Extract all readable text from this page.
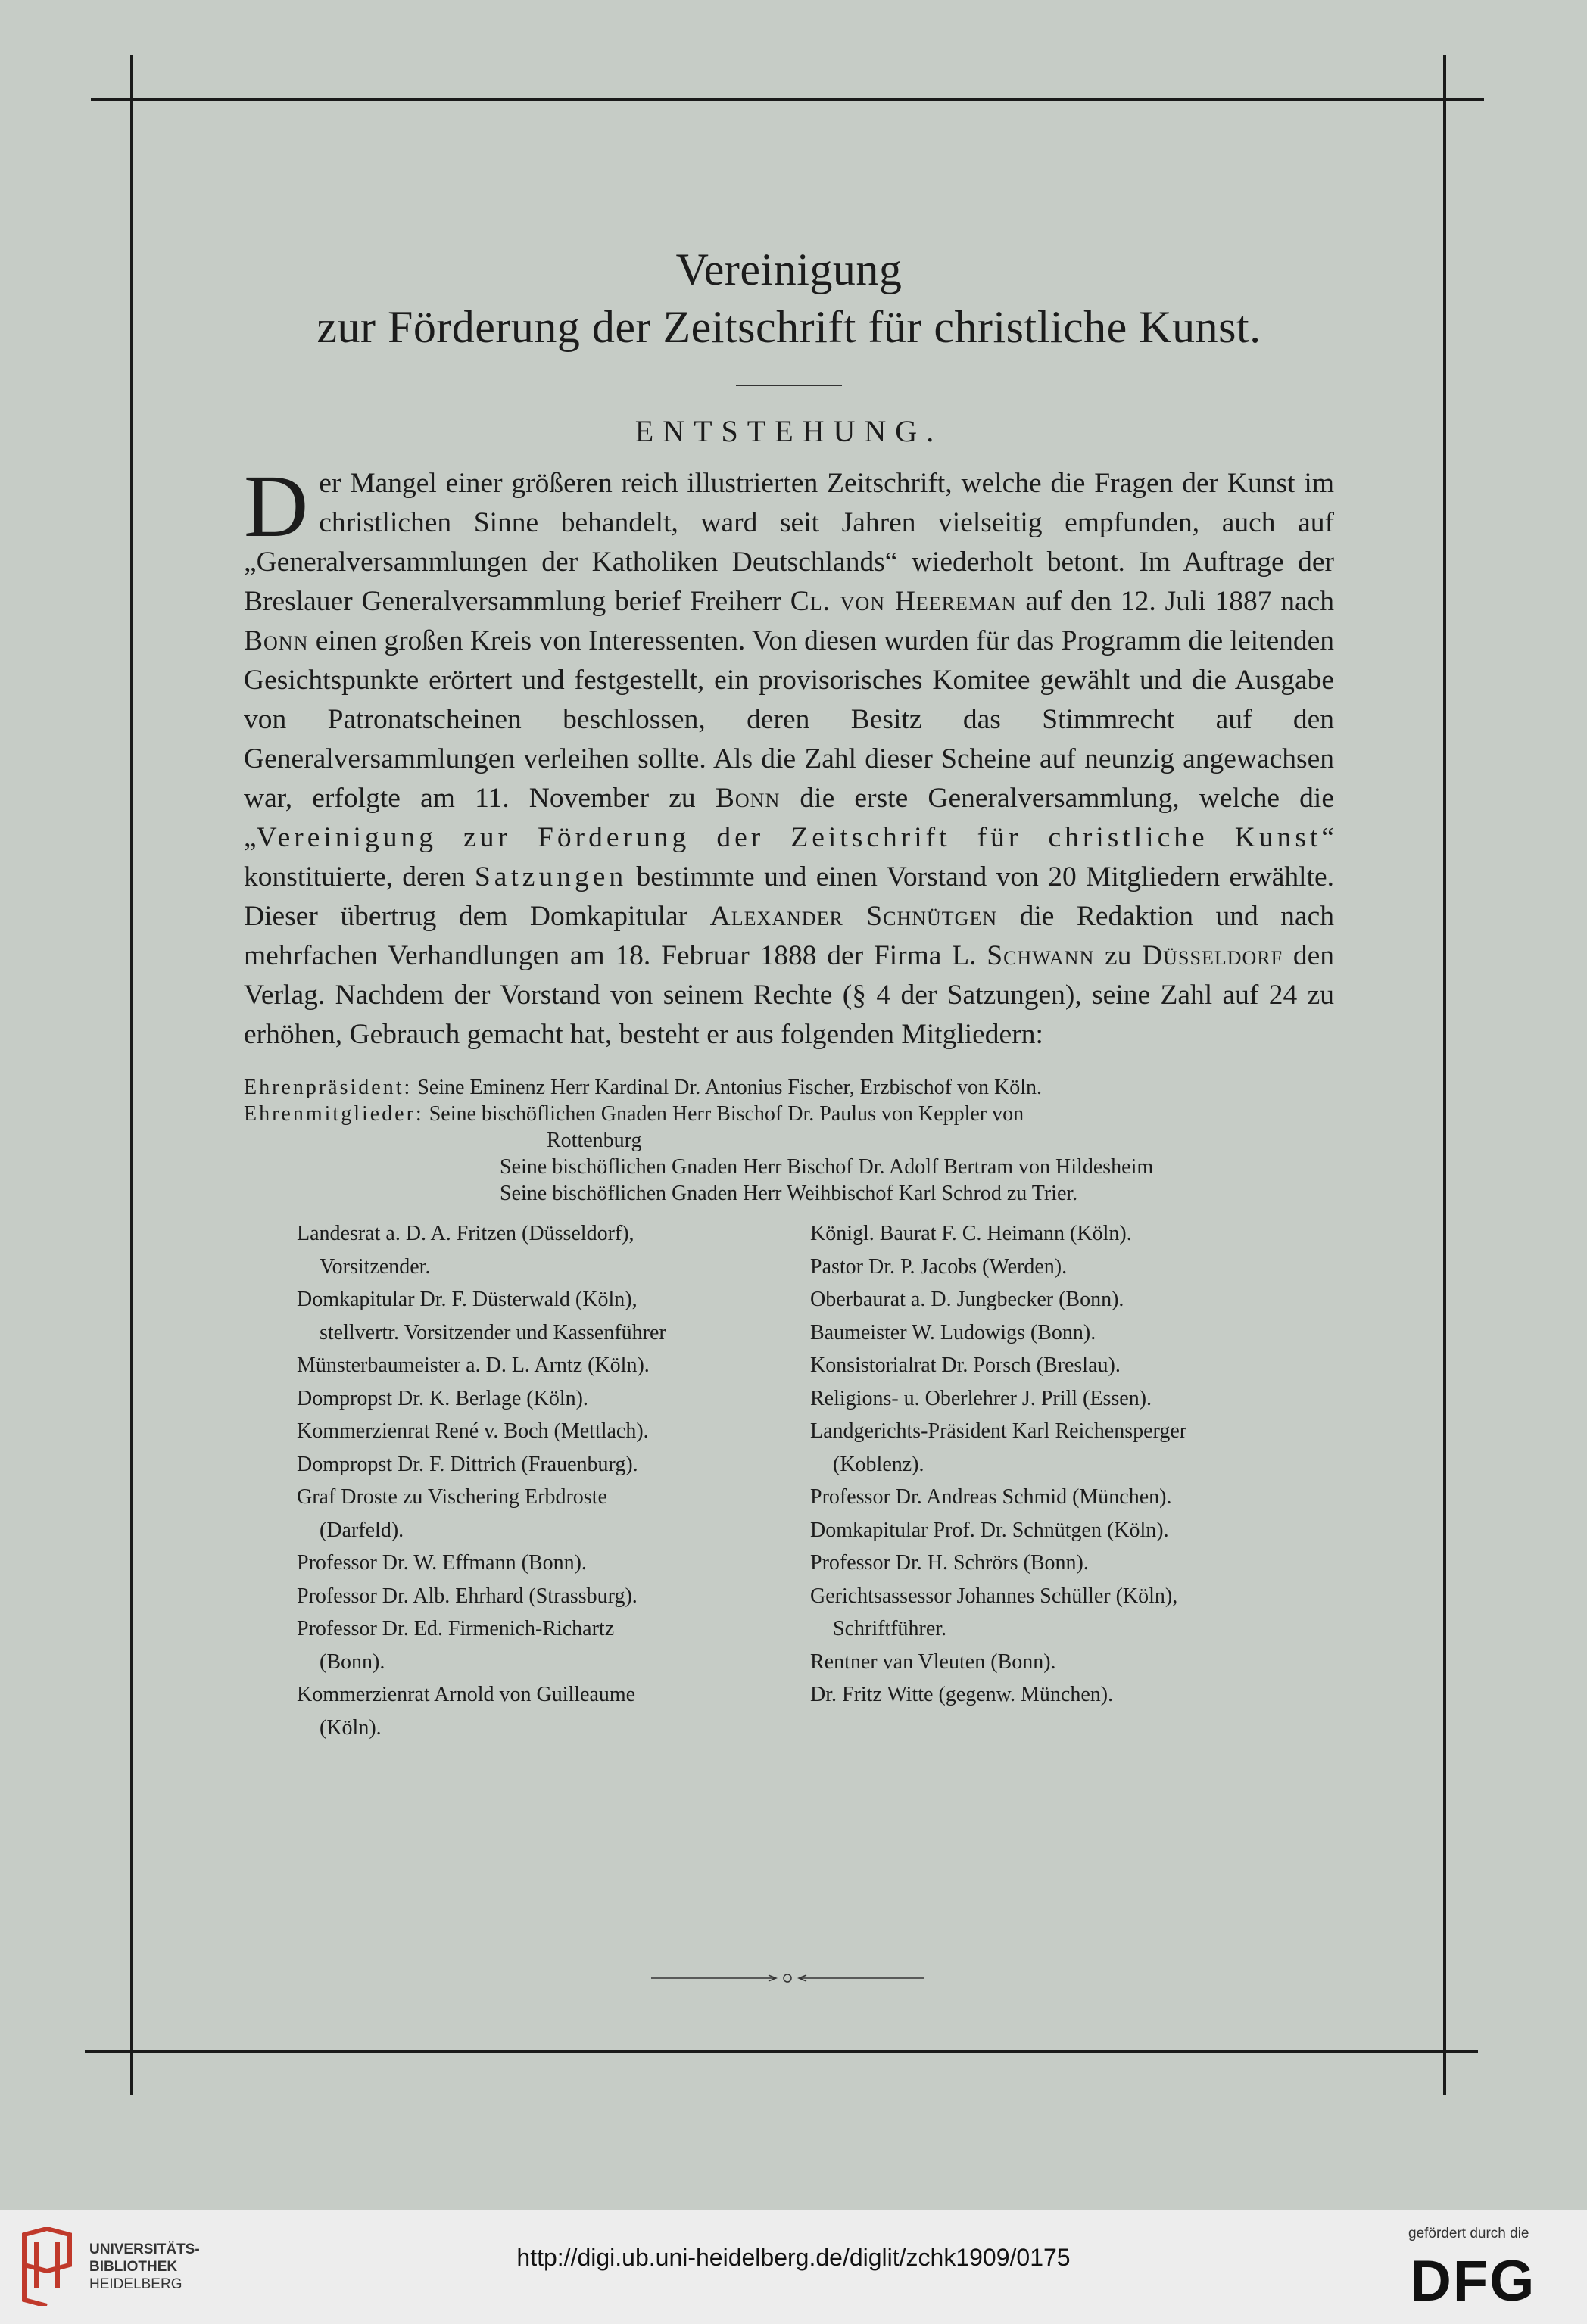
Vereinigung
zur Förderung der Zeitschrift für christliche Kunst.
ENTSTEHUNG.
Der Mangel einer größeren reich illustrierten Zeitschrift, welche die Fragen der Kunst im christlichen Sinne behandelt, ward seit Jahren vielseitig empfunden, auch auf „Generalversammlungen der Katholiken Deutschlands“ wiederholt betont. Im Auftrage der Breslauer Generalversammlung berief Freiherr Cl. von Heereman auf den 12. Juli 1887 nach Bonn einen großen Kreis von Interessenten. Von diesen wurden für das Programm die leitenden Gesichtspunkte erörtert und festgestellt, ein provisorisches Komitee gewählt und die Ausgabe von Patronatscheinen beschlossen, deren Besitz das Stimmrecht auf den Generalversammlungen verleihen sollte. Als die Zahl dieser Scheine auf neunzig angewachsen war, erfolgte am 11. November zu Bonn die erste Generalversammlung, welche die „Vereinigung zur Förderung der Zeitschrift für christliche Kunst“ konstituierte, deren Satzungen bestimmte und einen Vorstand von 20 Mitgliedern erwählte. Dieser übertrug dem Domkapitular Alexander Schnütgen die Redaktion und nach mehrfachen Verhandlungen am 18. Februar 1888 der Firma L. Schwann zu Düsseldorf den Verlag. Nachdem der Vorstand von seinem Rechte (§ 4 der Satzungen), seine Zahl auf 24 zu erhöhen, Gebrauch gemacht hat, besteht er aus folgenden Mitgliedern:
Ehrenpräsident: Seine Eminenz Herr Kardinal Dr. Antonius Fischer, Erzbischof von Köln.
Ehrenmitglieder: Seine bischöflichen Gnaden Herr Bischof Dr. Paulus von Keppler von
Rottenburg
Seine bischöflichen Gnaden Herr Bischof Dr. Adolf Bertram von Hildesheim
Seine bischöflichen Gnaden Herr Weihbischof Karl Schrod zu Trier.
Landesrat a. D. A. Fritzen (Düsseldorf),
Vorsitzender.
Domkapitular Dr. F. Düsterwald (Köln),
stellvertr. Vorsitzender und Kassenführer
Münsterbaumeister a. D. L. Arntz (Köln).
Dompropst Dr. K. Berlage (Köln).
Kommerzienrat René v. Boch (Mettlach).
Dompropst Dr. F. Dittrich (Frauenburg).
Graf Droste zu Vischering Erbdroste
(Darfeld).
Professor Dr. W. Effmann (Bonn).
Professor Dr. Alb. Ehrhard (Strassburg).
Professor Dr. Ed. Firmenich-Richartz
(Bonn).
Kommerzienrat Arnold von Guilleaume
(Köln).
Königl. Baurat F. C. Heimann (Köln).
Pastor Dr. P. Jacobs (Werden).
Oberbaurat a. D. Jungbecker (Bonn).
Baumeister W. Ludowigs (Bonn).
Konsistorialrat Dr. Porsch (Breslau).
Religions- u. Oberlehrer J. Prill (Essen).
Landgerichts-Präsident Karl Reichensperger
(Koblenz).
Professor Dr. Andreas Schmid (München).
Domkapitular Prof. Dr. Schnütgen (Köln).
Professor Dr. H. Schrörs (Bonn).
Gerichtsassessor Johannes Schüller (Köln),
Schriftführer.
Rentner van Vleuten (Bonn).
Dr. Fritz Witte (gegenw. München).
UNIVERSITÄTS-
BIBLIOTHEK
HEIDELBERG
http://digi.ub.uni-heidelberg.de/diglit/zchk1909/0175
gefördert durch die
DFG
